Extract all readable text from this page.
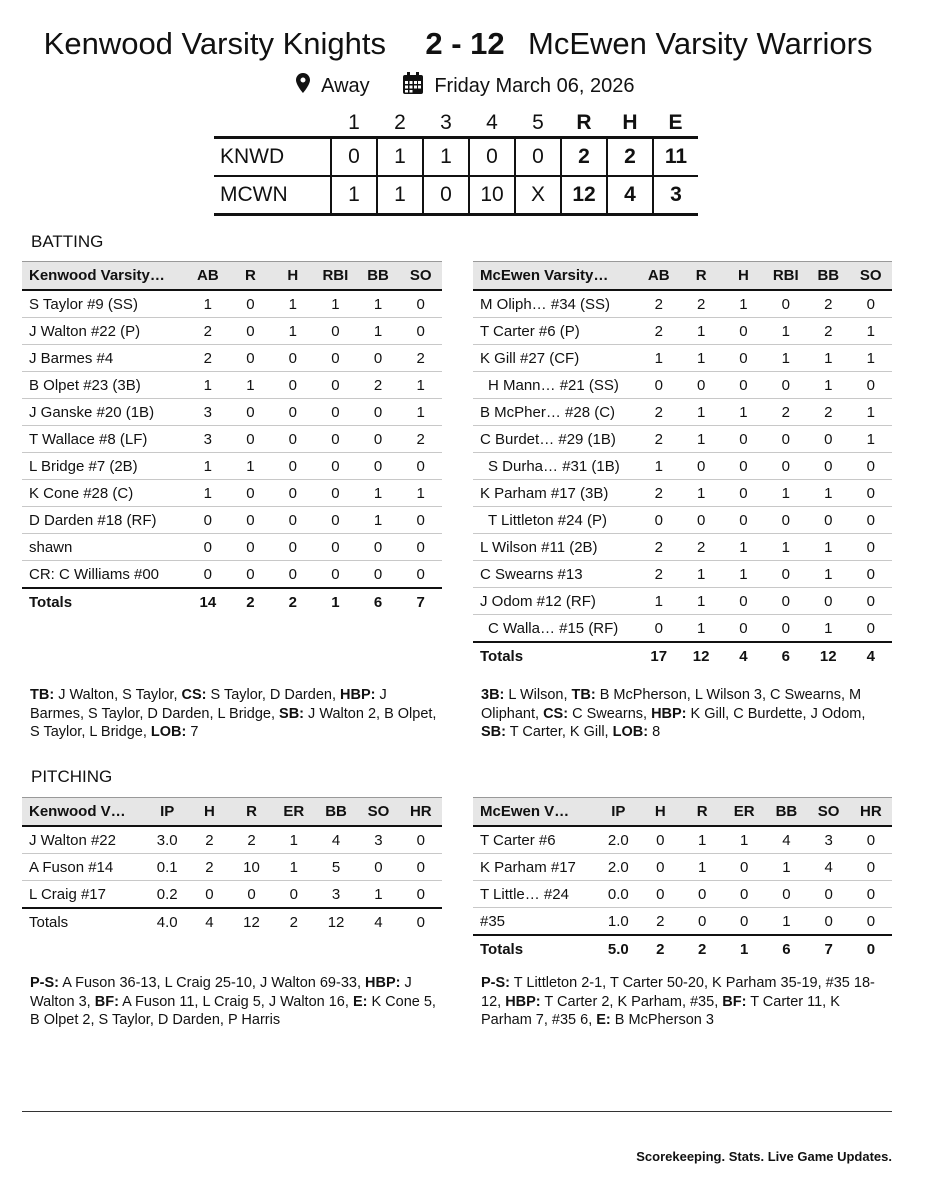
Kenwood Varsity Knights	2 - 12 McEwen Varsity Warriors
Away	Friday March 06, 2026
	1	2	3	4	5	R	H	E
KNWD	0	1	1	0	0	2	2	11
MCWN	1	1	0	10	X	12	4	3
BATTING
Kenwood Varsity…	AB	R	H	RBI	BB	SO
S Taylor #9 (SS)	1	0	1	1	1	0
J Walton #22 (P)	2	0	1	0	1	0
J Barmes #4	2	0	0	0	0	2
B Olpet #23 (3B)	1	1	0	0	2	1
J Ganske #20 (1B)	3	0	0	0	0	1
T Wallace #8 (LF)	3	0	0	0	0	2
L Bridge #7 (2B)	1	1	0	0	0	0
K Cone #28 (C)	1	0	0	0	1	1
D Darden #18 (RF)	0	0	0	0	1	0
shawn	0	0	0	0	0	0
CR: C Williams #00	0	0	0	0	0	0
Totals	14	2	2	1	6	7
McEwen Varsity…	AB	R	H	RBI	BB	SO
M Oliph… #34 (SS)	2	2	1	0	2	0
T Carter #6 (P)	2	1	0	1	2	1
K Gill #27 (CF)	1	1	0	1	1	1
H Mann… #21 (SS)	0	0	0	0	1	0
B McPher… #28 (C)	2	1	1	2	2	1
C Burdet… #29 (1B)	2	1	0	0	0	1
S Durha… #31 (1B)	1	0	0	0	0	0
K Parham #17 (3B)	2	1	0	1	1	0
T Littleton #24 (P)	0	0	0	0	0	0
L Wilson #11 (2B)	2	2	1	1	1	0
C Swearns #13	2	1	1	0	1	0
J Odom #12 (RF)	1	1	0	0	0	0
C Walla… #15 (RF)	0	1	0	0	1	0
Totals	17	12	4	6	12	4
TB: J Walton, S Taylor, CS: S Taylor, D Darden, HBP: J Barmes, S Taylor, D Darden, L Bridge, SB: J Walton 2, B Olpet, S Taylor, L Bridge, LOB: 7
3B: L Wilson, TB: B McPherson, L Wilson 3, C Swearns, M Oliphant, CS: C Swearns, HBP: K Gill, C Burdette, J Odom, SB: T Carter, K Gill, LOB: 8
PITCHING
Kenwood V…	IP	H	R	ER	BB	SO	HR
J Walton #22	3.0	2	2	1	4	3	0
A Fuson #14	0.1	2	10	1	5	0	0
L Craig #17	0.2	0	0	0	3	1	0
Totals	4.0	4	12	2	12	4	0
McEwen V…	IP	H	R	ER	BB	SO	HR
T Carter #6	2.0	0	1	1	4	3	0
K Parham #17	2.0	0	1	0	1	4	0
T Little… #24	0.0	0	0	0	0	0	0
#35	1.0	2	0	0	1	0	0
Totals	5.0	2	2	1	6	7	0
P-S: A Fuson 36-13, L Craig 25-10, J Walton 69-33, HBP: J Walton 3, BF: A Fuson 11, L Craig 5, J Walton 16, E: K Cone 5, B Olpet 2, S Taylor, D Darden, P Harris
P-S: T Littleton 2-1, T Carter 50-20, K Parham 35-19, #35 18-12, HBP: T Carter 2, K Parham, #35, BF: T Carter 11, K Parham 7, #35 6, E: B McPherson 3
Scorekeeping. Stats. Live Game Updates.
